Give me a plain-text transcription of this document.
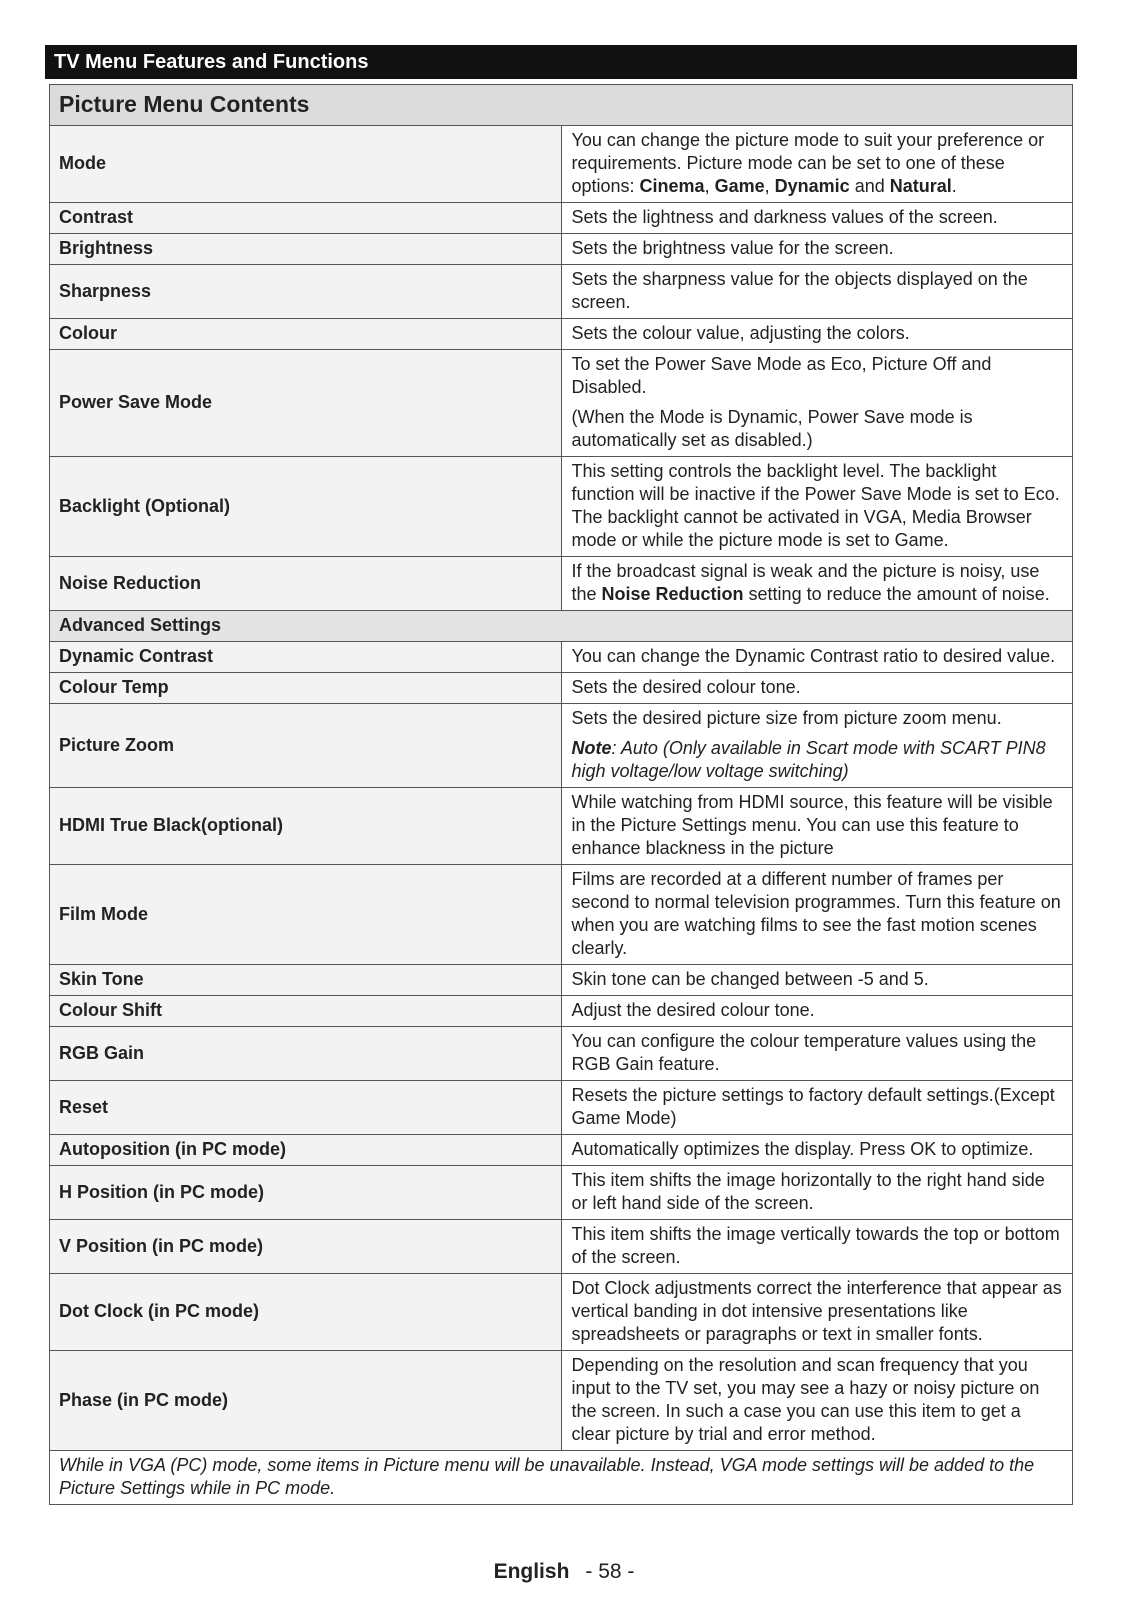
TV Menu Features and Functions
Picture Menu Contents	
Mode	You can change the picture mode to suit your preference or requirements. Picture mode can be set to one of these options: Cinema, Game, Dynamic and Natural.
Contrast	Sets the lightness and darkness values of the screen.
Brightness	Sets the brightness value for the screen.
Sharpness	Sets the sharpness value for the objects displayed on the screen.
Colour	Sets the colour value, adjusting the colors.
Power Save Mode	To set the Power Save Mode as Eco, Picture Off and Disabled.

(When the Mode is Dynamic, Power Save mode is automatically set as disabled.)

Backlight (Optional)	This setting controls the backlight level. The backlight function will be inactive if the Power Save Mode is set to Eco. The backlight cannot be activated in VGA, Media Browser mode or while the picture mode is set to Game.
Noise Reduction	If the broadcast signal is weak and the picture is noisy, use the Noise Reduction setting to reduce the amount of noise.
Advanced Settings	
Dynamic Contrast	You can change the Dynamic Contrast ratio to desired value.
Colour Temp	Sets the desired colour tone.
Picture Zoom	Sets the desired picture size from picture zoom menu.

Note: Auto (Only available in Scart mode with SCART PIN8 high voltage/low voltage switching)

HDMI True Black(optional)	While watching from HDMI source, this feature will be visible in the Picture Settings menu. You can use this feature to enhance blackness in the picture
Film Mode	Films are recorded at a different number of frames per second to normal television programmes. Turn this feature on when you are watching films to see the fast motion scenes clearly.
Skin Tone	Skin tone can be changed between -5 and 5.
Colour Shift	Adjust the desired colour tone.
RGB Gain	You can configure the colour temperature values using the RGB Gain feature.
Reset	Resets the picture settings to factory default settings.(Except Game Mode)
Autoposition (in PC mode)	Automatically optimizes the display. Press OK to optimize.
H Position (in PC mode)	This item shifts the image horizontally to the right hand side or left hand side of the screen.
V Position (in PC mode)	This item shifts the image vertically towards the top or bottom of the screen.
Dot Clock (in PC mode)	Dot Clock adjustments correct the interference that appear as vertical banding in dot intensive presentations like spreadsheets or paragraphs or text in smaller fonts.
Phase (in PC mode)	Depending on the resolution and scan frequency that you input to the TV set, you may see a hazy or noisy picture on the screen. In such a case you can use this item to get a clear picture by trial and error method.
While in VGA (PC) mode, some items in Picture menu will be unavailable. Instead, VGA mode settings will be added to the Picture Settings while in PC mode.	
English - 58 -
